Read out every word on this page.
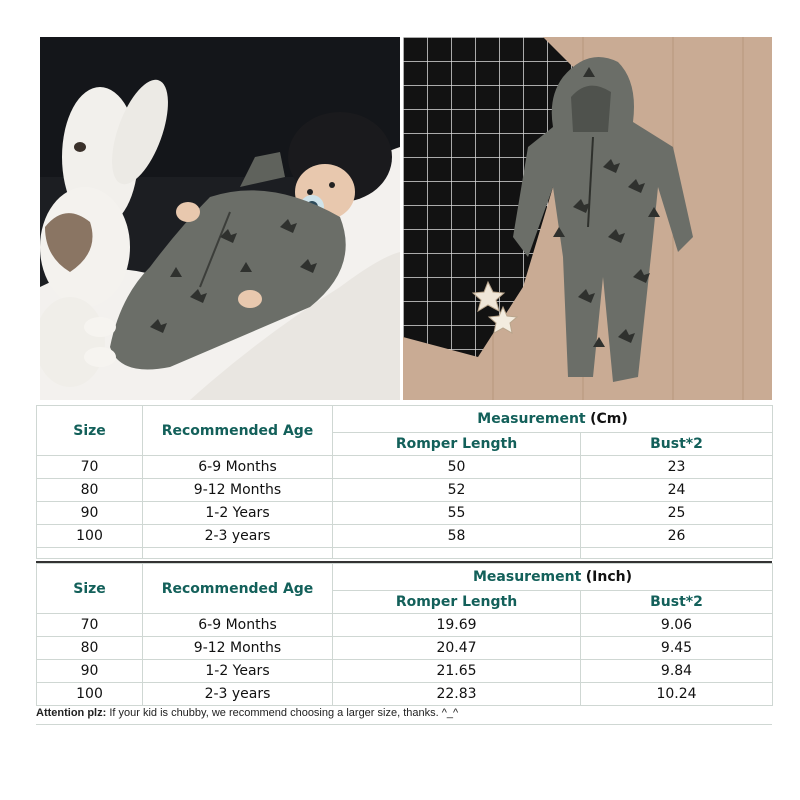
Size	Recommended Age	Measurement (Cm)	
		Romper Length	Bust*2
70	6-9 Months	50	23
80	9-12 Months	52	24
90	1-2 Years	55	25
100	2-3 years	58	26

Size	Recommended Age	Measurement (Inch)	
		Romper Length	Bust*2
70	6-9 Months	19.69	9.06
80	9-12 Months	20.47	9.45
90	1-2 Years	21.65	9.84
100	2-3 years	22.83	10.24
Attention plz: If your kid is chubby, we recommend choosing a larger size, thanks. ^_^
